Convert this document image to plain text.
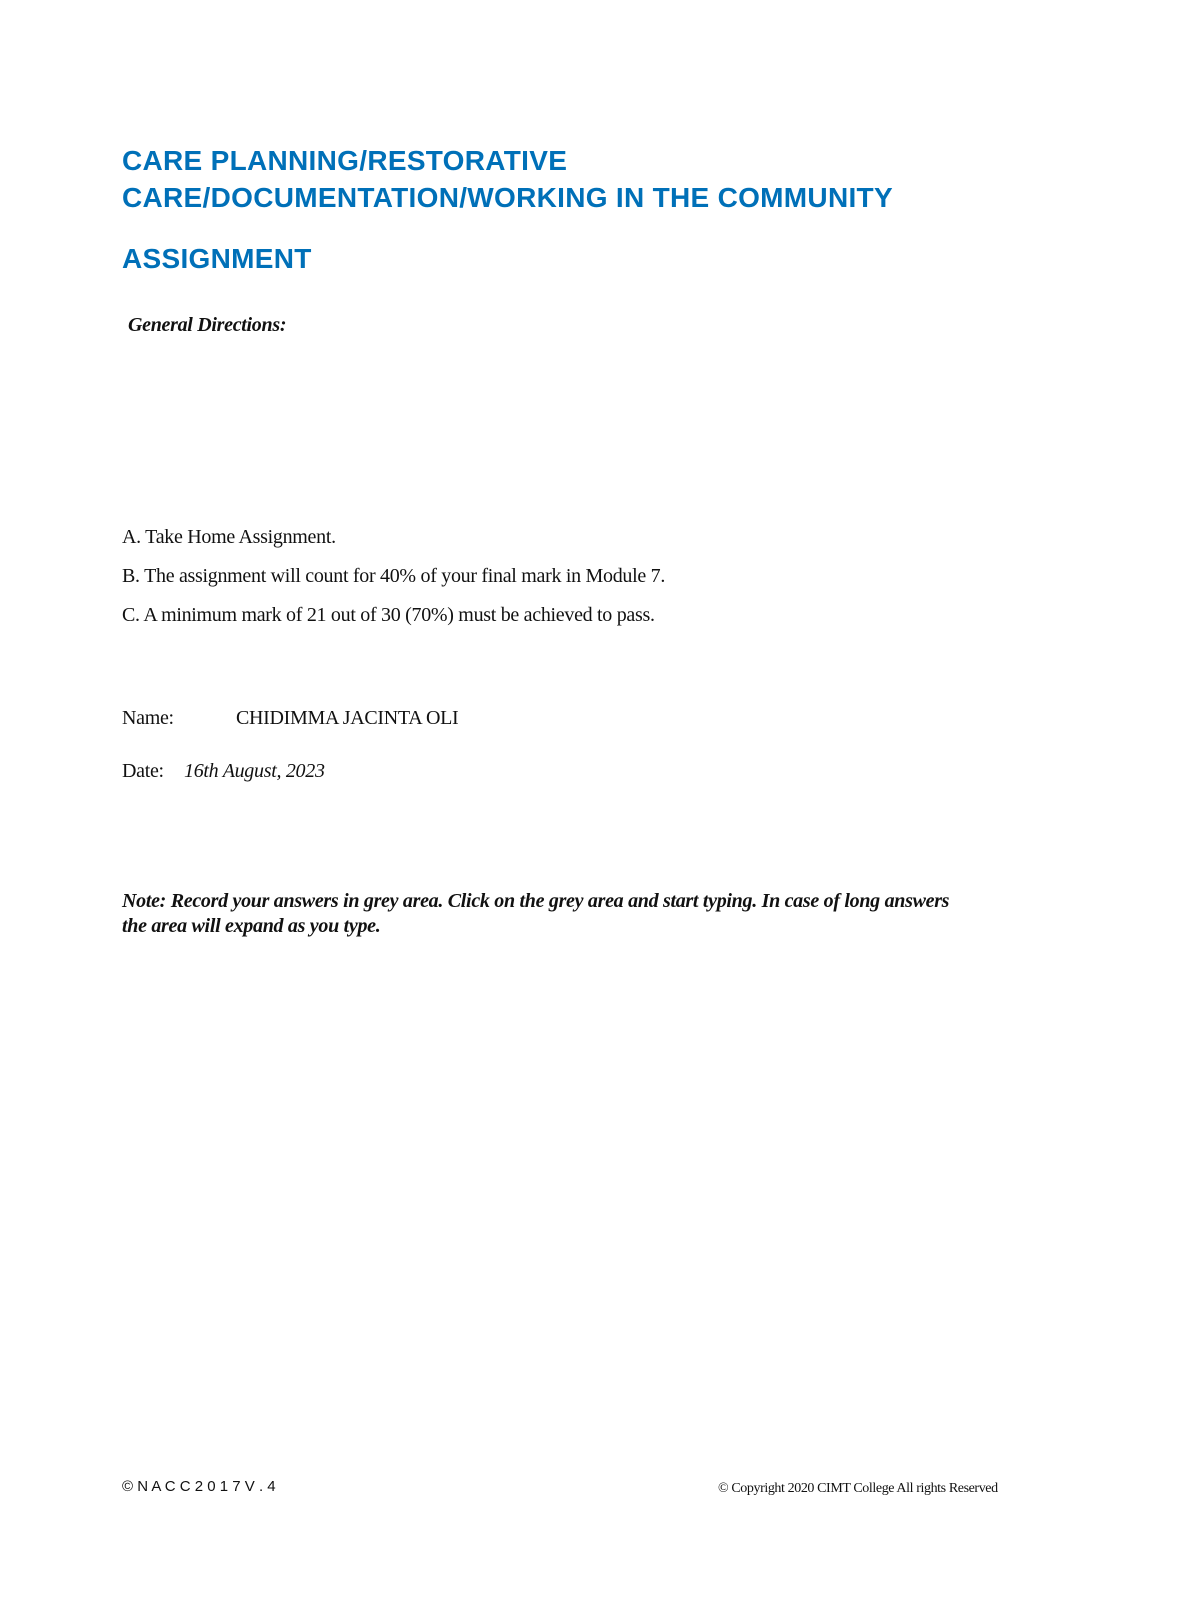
CARE PLANNING/RESTORATIVE
CARE/DOCUMENTATION/WORKING IN THE COMMUNITY
ASSIGNMENT
General Directions:
A. Take Home Assignment.
B. The assignment will count for 40% of your final mark in Module 7.
C. A minimum mark of 21 out of 30 (70%) must be achieved to pass.
Name:	CHIDIMMA JACINTA OLI
Date: 16th August, 2023
Note: Record your answers in grey area. Click on the grey area and start typing. In case of long answers
the area will expand as you type.
© N A C C 2 0 1 7 V . 4	© Copyright 2020 CIMT College All rights Reserved
